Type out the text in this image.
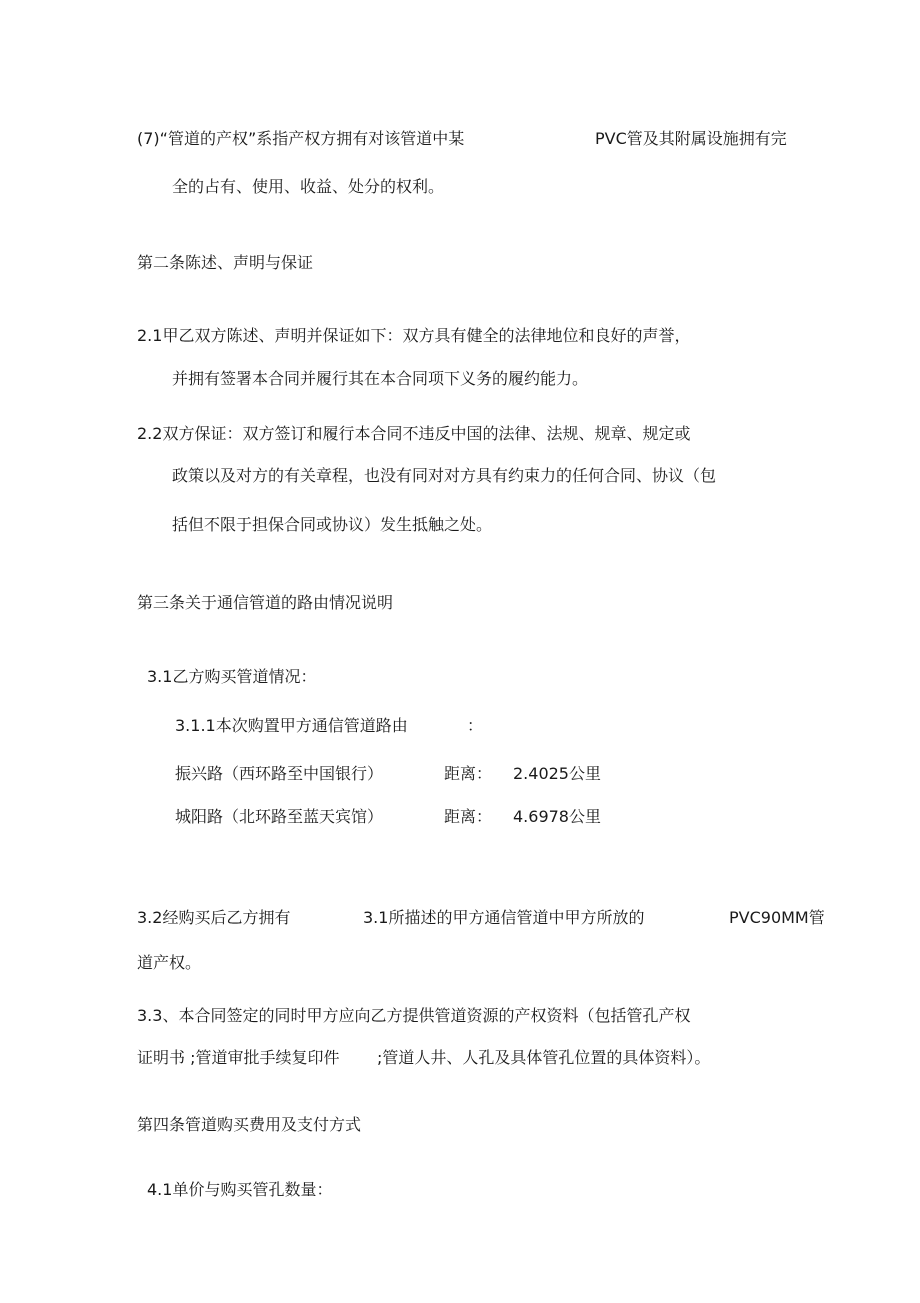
(7)“管道的产权”系指产权方拥有对该管道中某	PVC管及其附属设施拥有完
全的占有、使用、收益、处分的权利。
第二条陈述、声明与保证
2.1甲乙双方陈述、声明并保证如下：双方具有健全的法律地位和良好的声誉，
并拥有签署本合同并履行其在本合同项下义务的履约能力。
2.2双方保证：双方签订和履行本合同不违反中国的法律、法规、规章、规定或
政策以及对方的有关章程，也没有同对对方具有约束力的任何合同、协议（包
括但不限于担保合同或协议）发生抵触之处。
第三条关于通信管道的路由情况说明
3.1乙方购买管道情况：
3.1.1本次购置甲方通信管道路由	：
振兴路（西环路至中国银行）	距离： 2.4025公里
城阳路（北环路至蓝天宾馆）	距离： 4.6978公里
3.2经购买后乙方拥有	3.1所描述的甲方通信管道中甲方所放的	PVC90MM管
道产权。
3.3、本合同签定的同时甲方应向乙方提供管道资源的产权资料（包括管孔产权
证明书 ;管道审批手续复印件 ;管道人井、人孔及具体管孔位置的具体资料）。
第四条管道购买费用及支付方式
4.1单价与购买管孔数量：
